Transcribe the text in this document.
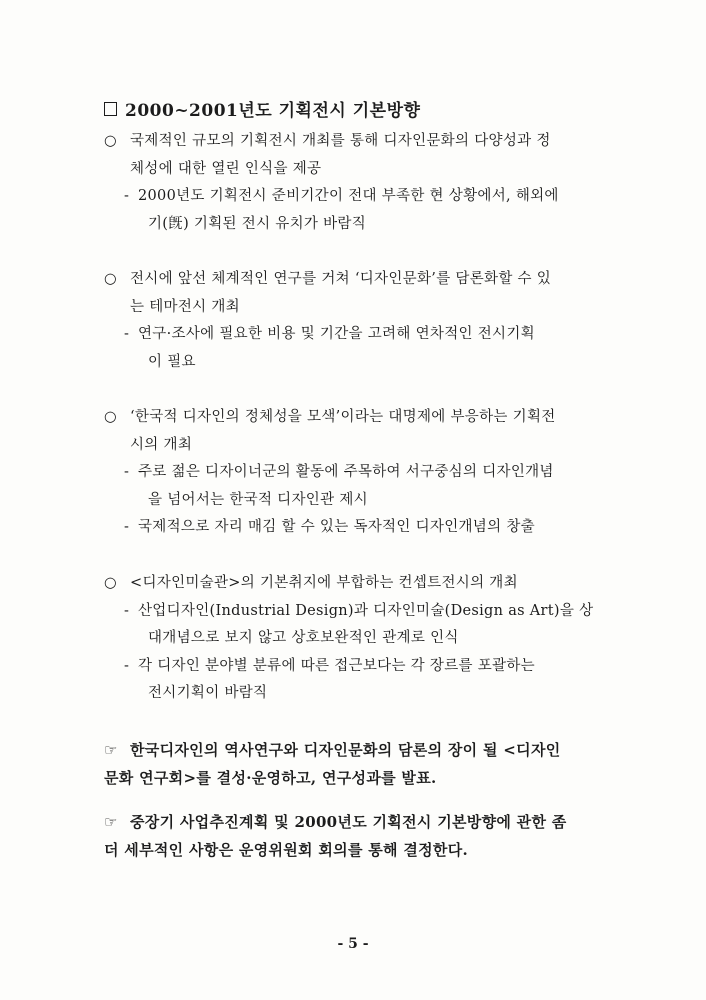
2000~2001년도 기획전시 기본방향
○ 국제적인 규모의 기획전시 개최를 통해 디자인문화의 다양성과 정
체성에 대한 열린 인식을 제공
- 2000년도 기획전시 준비기간이 전대 부족한 현 상황에서, 해외에
기(旣) 기획된 전시 유치가 바람직
○ 전시에 앞선 체계적인 연구를 거쳐 ‘디자인문화’를 담론화할 수 있
는 테마전시 개최
- 연구·조사에 필요한 비용 및 기간을 고려해 연차적인 전시기획
이 필요
○ ‘한국적 디자인의 정체성을 모색’이라는 대명제에 부응하는 기획전
시의 개최
- 주로 젊은 디자이너군의 활동에 주목하여 서구중심의 디자인개념
을 넘어서는 한국적 디자인관 제시
- 국제적으로 자리 매김 할 수 있는 독자적인 디자인개념의 창출
○ <디자인미술관>의 기본취지에 부합하는 컨셉트전시의 개최
- 산업디자인(Industrial Design)과 디자인미술(Design as Art)을 상
대개념으로 보지 않고 상호보완적인 관계로 인식
- 각 디자인 분야별 분류에 따른 접근보다는 각 장르를 포괄하는
전시기획이 바람직
☞ 한국디자인의 역사연구와 디자인문화의 담론의 장이 될 <디자인
문화 연구회>를 결성·운영하고, 연구성과를 발표.
☞ 중장기 사업추진계획 및 2000년도 기획전시 기본방향에 관한 좀
더 세부적인 사항은 운영위원회 회의를 통해 결정한다.
- 5 -
